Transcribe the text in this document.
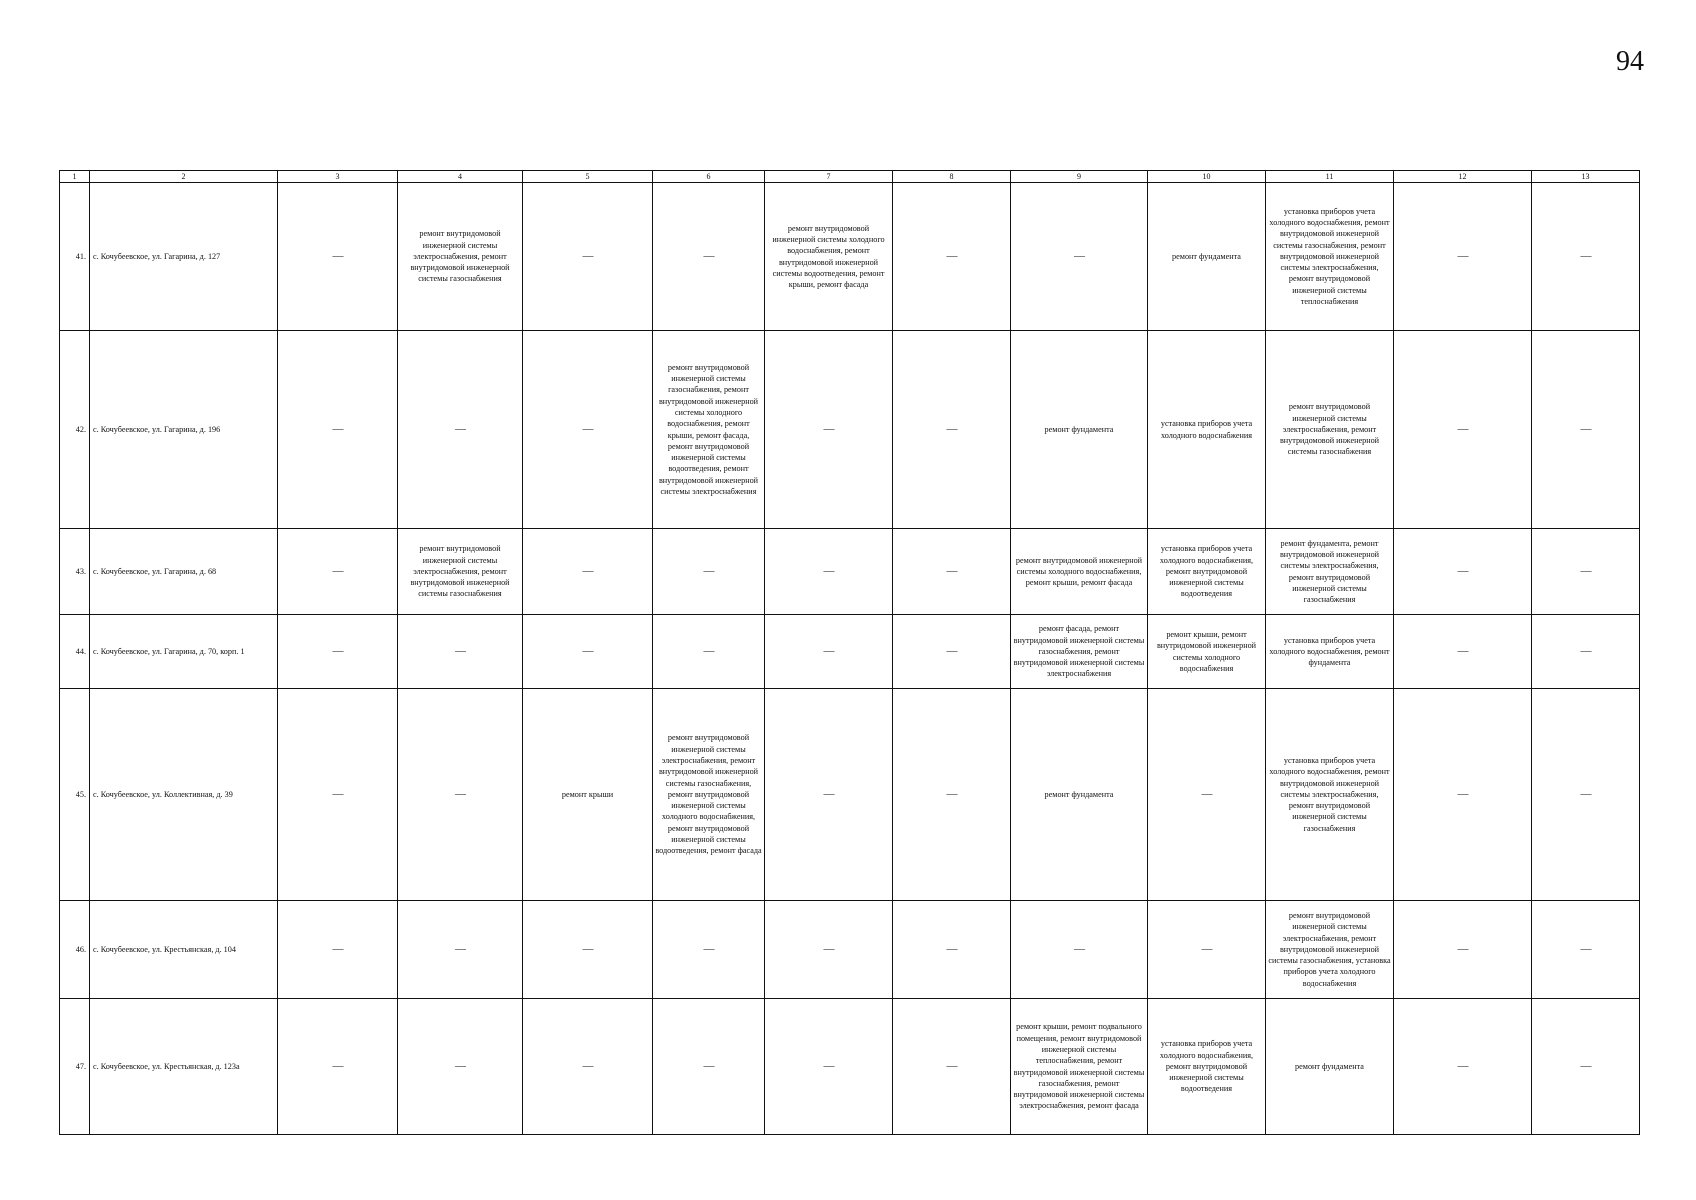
94
1	2	3	4	5	6	7	8	9	10	11	12	13
41.	с. Кочубеевское, ул. Гагарина, д. 127	—	ремонт внутридомовой инженерной системы электроснабжения, ремонт внутридомовой инженерной системы газоснабжения	—	—	ремонт внутридомовой инженерной системы холодного водоснабжения, ремонт внутридомовой инженерной системы водоотведения, ремонт крыши, ремонт фасада	—	—	ремонт фундамента	установка приборов учета холодного водоснабжения, ремонт внутридомовой инженерной системы газоснабжения, ремонт внутридомовой инженерной системы электроснабжения, ремонт внутридомовой инженерной системы теплоснабжения	—	—
42.	с. Кочубеевское, ул. Гагарина, д. 196	—	—	—	ремонт внутридомовой инженерной системы газоснабжения, ремонт внутридомовой инженерной системы холодного водоснабжения, ремонт крыши, ремонт фасада, ремонт внутридомовой инженерной системы водоотведения, ремонт внутридомовой инженерной системы электроснабжения	—	—	ремонт фундамента	установка приборов учета холодного водоснабжения	ремонт внутридомовой инженерной системы электроснабжения, ремонт внутридомовой инженерной системы газоснабжения	—	—
43.	с. Кочубеевское, ул. Гагарина, д. 68	—	ремонт внутридомовой инженерной системы электроснабжения, ремонт внутридомовой инженерной системы газоснабжения	—	—	—	—	ремонт внутридомовой инженерной системы холодного водоснабжения, ремонт крыши, ремонт фасада	установка приборов учета холодного водоснабжения, ремонт внутридомовой инженерной системы водоотведения	ремонт фундамента, ремонт внутридомовой инженерной системы электроснабжения, ремонт внутридомовой инженерной системы газоснабжения	—	—
44.	с. Кочубеевское, ул. Гагарина, д. 70, корп. 1	—	—	—	—	—	—	ремонт фасада, ремонт внутридомовой инженерной системы газоснабжения, ремонт внутридомовой инженерной системы электроснабжения	ремонт крыши, ремонт внутридомовой инженерной системы холодного водоснабжения	установка приборов учета холодного водоснабжения, ремонт фундамента	—	—
45.	с. Кочубеевское, ул. Коллективная, д. 39	—	—	ремонт крыши	ремонт внутридомовой инженерной системы электроснабжения, ремонт внутридомовой инженерной системы газоснабжения, ремонт внутридомовой инженерной системы холодного водоснабжения, ремонт внутридомовой инженерной системы водоотведения, ремонт фасада	—	—	ремонт фундамента	—	установка приборов учета холодного водоснабжения, ремонт внутридомовой инженерной системы электроснабжения, ремонт внутридомовой инженерной системы газоснабжения	—	—
46.	с. Кочубеевское, ул. Крестьянская, д. 104	—	—	—	—	—	—	—	—	ремонт внутридомовой инженерной системы электроснабжения, ремонт внутридомовой инженерной системы газоснабжения, установка приборов учета холодного водоснабжения	—	—
47.	с. Кочубеевское, ул. Крестьянская, д. 123а	—	—	—	—	—	—	ремонт крыши, ремонт подвального помещения, ремонт внутридомовой инженерной системы теплоснабжения, ремонт внутридомовой инженерной системы газоснабжения, ремонт внутридомовой инженерной системы электроснабжения, ремонт фасада	установка приборов учета холодного водоснабжения, ремонт внутридомовой инженерной системы водоотведения	ремонт фундамента	—	—
